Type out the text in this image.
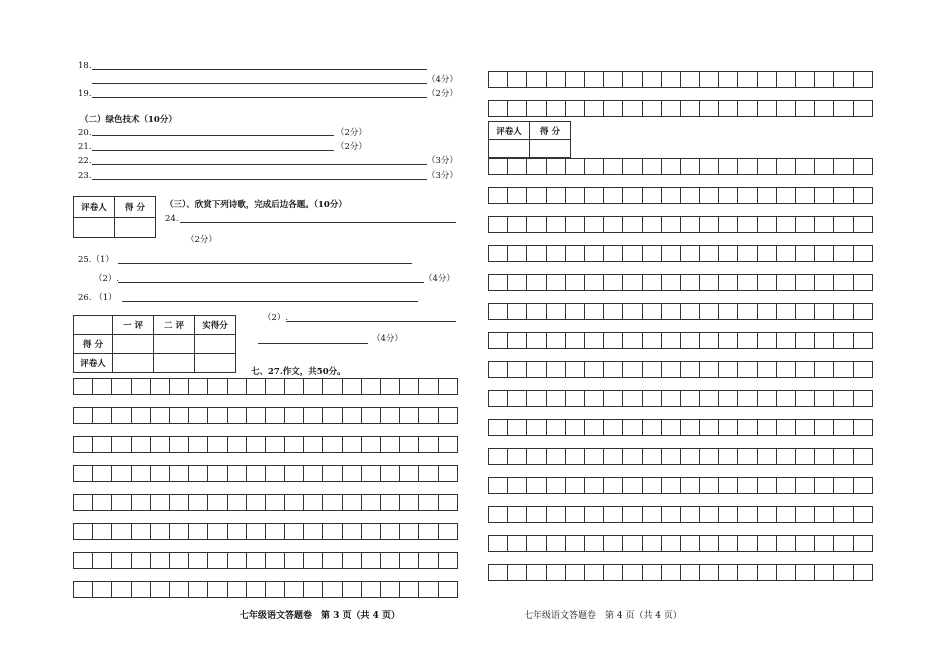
18.
（4分）
19.	（2分）
（二）绿色技术（10分）
20.	（2分）
21.	（2分）
22.	（3分）
23.	（3分）
评卷人	得 分
	（三）、欣赏下列诗歌，完成后边各题。（10分）
24.
（2分）
25.（1）
（2）.	（4分）
26. （1）
	一 评	二 评	实得分
得 分			
评卷人			
（2）.
（4分）
七、27.作文，共50分。
七年级语文答题卷　第 3 页（共 4 页）
评卷人	得 分

七年级语文答题卷　第 4 页（共 4 页）
